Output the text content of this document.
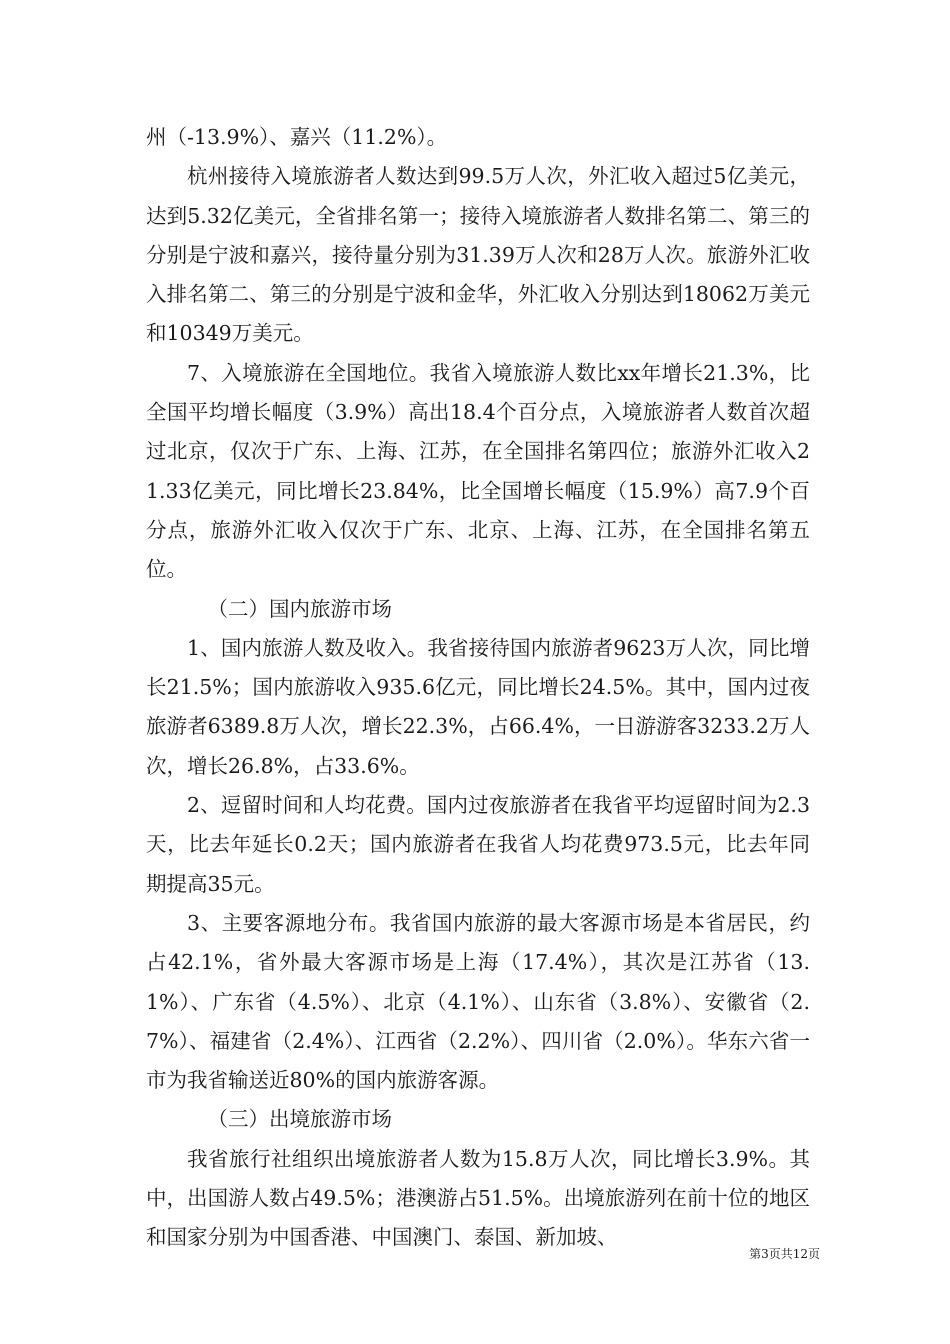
州（-13.9%）、嘉兴（11.2%）。

杭州接待入境旅游者人数达到99.5万人次，外汇收入超过5亿美元，达到5.32亿美元，全省排名第一；接待入境旅游者人数排名第二、第三的分别是宁波和嘉兴，接待量分别为31.39万人次和28万人次。旅游外汇收入排名第二、第三的分别是宁波和金华，外汇收入分别达到18062万美元和10349万美元。

7、入境旅游在全国地位。我省入境旅游人数比xx年增长21.3%，比全国平均增长幅度（3.9%）高出18.4个百分点，入境旅游者人数首次超过北京，仅次于广东、上海、江苏，在全国排名第四位；旅游外汇收入21.33亿美元，同比增长23.84%，比全国增长幅度（15.9%）高7.9个百分点，旅游外汇收入仅次于广东、北京、上海、江苏，在全国排名第五位。

（二）国内旅游市场

1、国内旅游人数及收入。我省接待国内旅游者9623万人次，同比增长21.5%；国内旅游收入935.6亿元，同比增长24.5%。其中，国内过夜旅游者6389.8万人次，增长22.3%，占66.4%，一日游游客3233.2万人次，增长26.8%，占33.6%。

2、逗留时间和人均花费。国内过夜旅游者在我省平均逗留时间为2.3天，比去年延长0.2天；国内旅游者在我省人均花费973.5元，比去年同期提高35元。

3、主要客源地分布。我省国内旅游的最大客源市场是本省居民，约占42.1%，省外最大客源市场是上海（17.4%），其次是江苏省（13.1%）、广东省（4.5%）、北京（4.1%）、山东省（3.8%）、安徽省（2.7%）、福建省（2.4%）、江西省（2.2%）、四川省（2.0%）。华东六省一市为我省输送近80%的国内旅游客源。

（三）出境旅游市场

我省旅行社组织出境旅游者人数为15.8万人次，同比增长3.9%。其中，出国游人数占49.5%；港澳游占51.5%。出境旅游列在前十位的地区和国家分别为中国香港、中国澳门、泰国、新加坡、

第3页共12页
